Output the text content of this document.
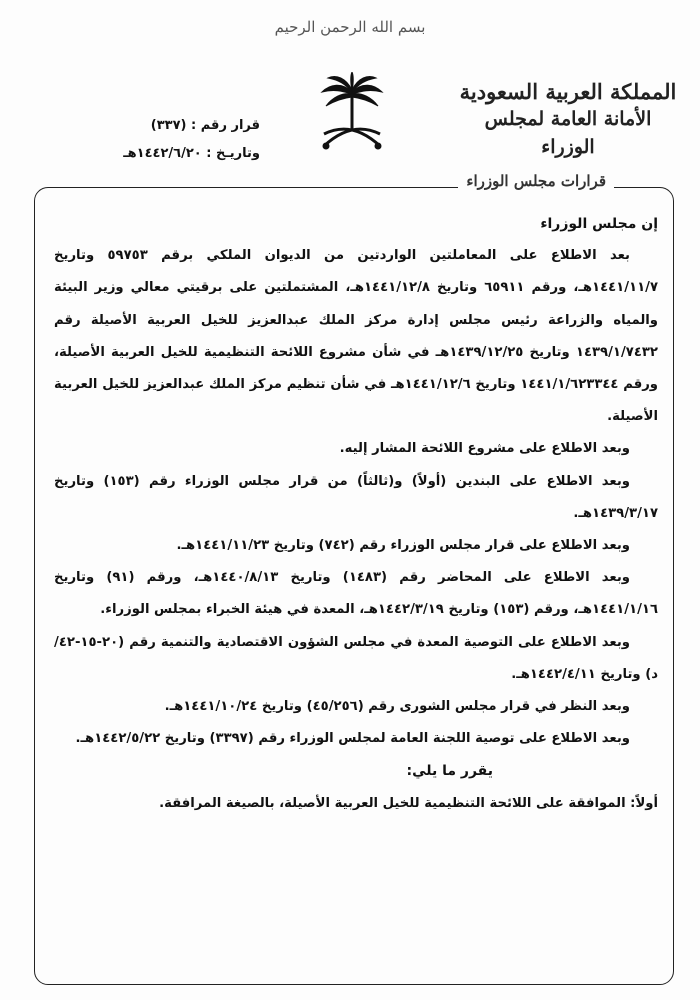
بسم الله الرحمن الرحيم
المملكة العربية السعودية
الأمانة العامة لمجلس الوزراء
قرار رقم : (٣٣٧)
وتاريـخ : ١٤٤٢/٦/٢٠هـ
قرارات مجلس الوزراء

إن مجلس الوزراء

بعد الاطلاع على المعاملتين الواردتين من الديوان الملكي برقم ٥٩٧٥٣ وتاريخ ١٤٤١/١١/٧هـ، ورقم ٦٥٩١١ وتاريخ ١٤٤١/١٢/٨هـ، المشتملتين على برقيتي معالي وزير البيئة والمياه والزراعة رئيس مجلس إدارة مركز الملك عبدالعزيز للخيل العربية الأصيلة رقم ١٤٣٩/١/٧٤٣٢ وتاريخ ١٤٣٩/١٢/٢٥هـ في شأن مشروع اللائحة التنظيمية للخيل العربية الأصيلة، ورقم ١٤٤١/١/٦٢٣٣٤٤ وتاريخ ١٤٤١/١٢/٦هـ في شأن تنظيم مركز الملك عبدالعزيز للخيل العربية الأصيلة.

وبعد الاطلاع على مشروع اللائحة المشار إليه.

وبعد الاطلاع على البندين (أولاً) و(ثالثاً) من قرار مجلس الوزراء رقم (١٥٣) وتاريخ ١٤٣٩/٣/١٧هـ.

وبعد الاطلاع على قرار مجلس الوزراء رقم (٧٤٢) وتاريخ ١٤٤١/١١/٢٣هـ.

وبعد الاطلاع على المحاضر رقم (١٤٨٣) وتاريخ ١٤٤٠/٨/١٣هـ، ورقم (٩١) وتاريخ ١٤٤١/١/١٦هـ، ورقم (١٥٣) وتاريخ ١٤٤٢/٣/١٩هـ، المعدة في هيئة الخبراء بمجلس الوزراء.

وبعد الاطلاع على التوصية المعدة في مجلس الشؤون الاقتصادية والتنمية رقم (٢٠-١٥-٤٢/د) وتاريخ ١٤٤٢/٤/١١هـ.

وبعد النظر في قرار مجلس الشورى رقم (٤٥/٢٥٦) وتاريخ ١٤٤١/١٠/٢٤هـ.

وبعد الاطلاع على توصية اللجنة العامة لمجلس الوزراء رقم (٣٣٩٧) وتاريخ ١٤٤٢/٥/٢٢هـ.

يقرر ما يلي:

أولاً: الموافقة على اللائحة التنظيمية للخيل العربية الأصيلة، بالصيغة المرافقة.
